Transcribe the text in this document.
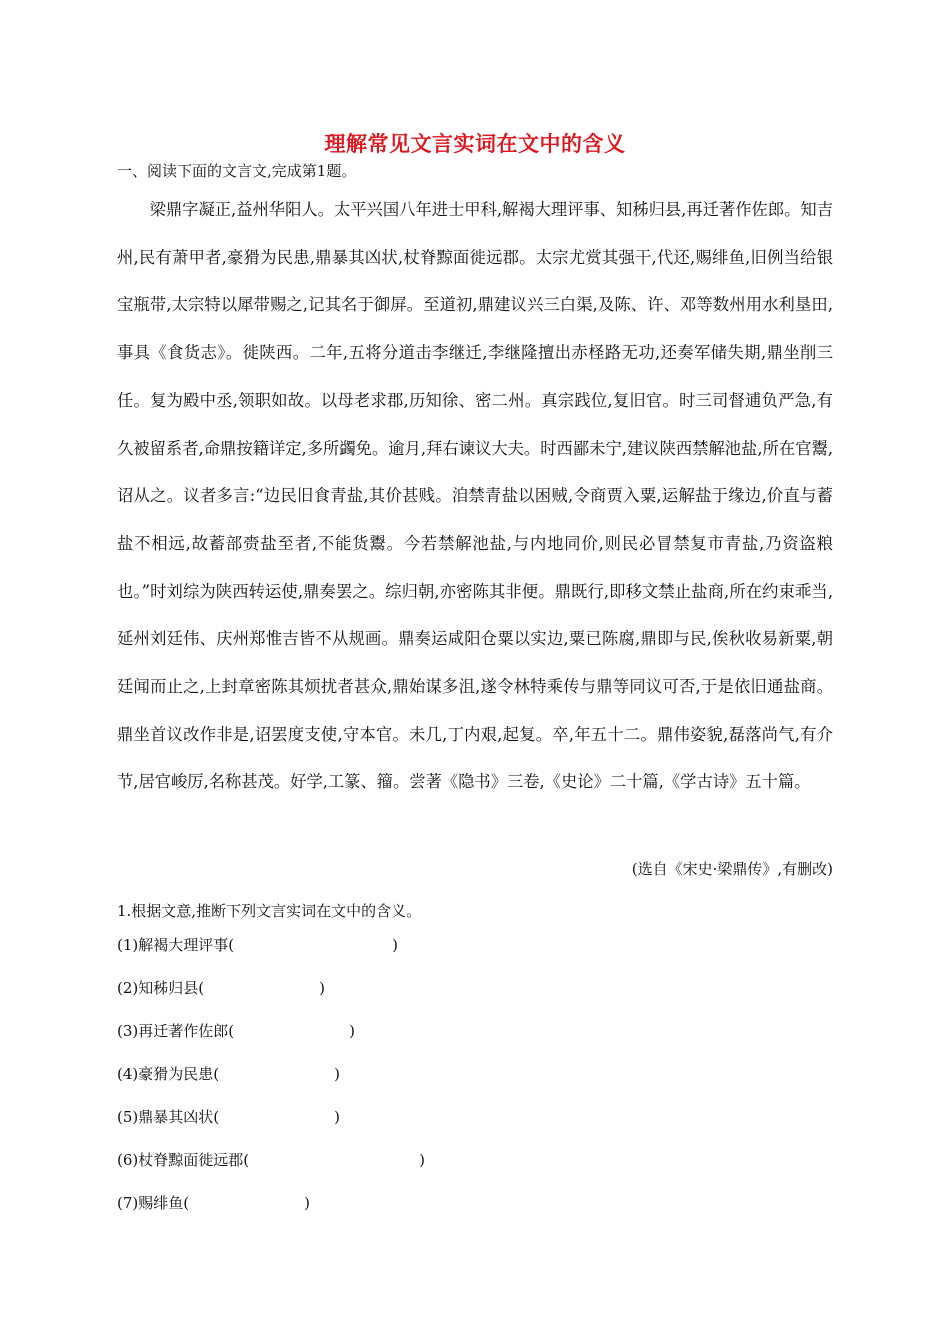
理解常见文言实词在文中的含义
一、阅读下面的文言文,完成第1题。

梁鼎字凝正,益州华阳人。太平兴国八年进士甲科,解褐大理评事、知秭归县,再迁著作佐郎。知吉州,民有萧甲者,豪猾为民患,鼎暴其凶状,杖脊黥面徙远郡。太宗尤赏其强干,代还,赐绯鱼,旧例当给银宝瓶带,太宗特以犀带赐之,记其名于御屏。至道初,鼎建议兴三白渠,及陈、许、邓等数州用水利垦田,事具《食货志》。徙陕西。二年,五将分道击李继迁,李继隆擅出赤柽路无功,还奏军储失期,鼎坐削三任。复为殿中丞,领职如故。以母老求郡,历知徐、密二州。真宗践位,复旧官。时三司督逋负严急,有久被留系者,命鼎按籍详定,多所蠲免。逾月,拜右谏议大夫。时西鄙未宁,建议陕西禁解池盐,所在官鬻,诏从之。议者多言:“边民旧食青盐,其价甚贱。洎禁青盐以困贼,令商贾入粟,运解盐于缘边,价直与蓄盐不相远,故蓄部赍盐至者,不能货鬻。今若禁解池盐,与内地同价,则民必冒禁复市青盐,乃资盗粮也。”时刘综为陕西转运使,鼎奏罢之。综归朝,亦密陈其非便。鼎既行,即移文禁止盐商,所在约束乖当,延州刘廷伟、庆州郑惟吉皆不从规画。鼎奏运咸阳仓粟以实边,粟已陈腐,鼎即与民,俟秋收易新粟,朝廷闻而止之,上封章密陈其烦扰者甚众,鼎始谋多沮,遂令林特乘传与鼎等同议可否,于是依旧通盐商。鼎坐首议改作非是,诏罢度支使,守本官。未几,丁内艰,起复。卒,年五十二。鼎伟姿貌,磊落尚气,有介节,居官峻厉,名称甚茂。好学,工篆、籀。尝著《隐书》三卷,《史论》二十篇,《学古诗》五十篇。

(选自《宋史·梁鼎传》,有删改)
1.根据文意,推断下列文言实词在文中的含义。
(1)解褐大理评事(	)
(2)知秭归县(	)
(3)再迁著作佐郎(	)
(4)豪猾为民患(	)
(5)鼎暴其凶状(	)
(6)杖脊黥面徙远郡(	)
(7)赐绯鱼(	)
